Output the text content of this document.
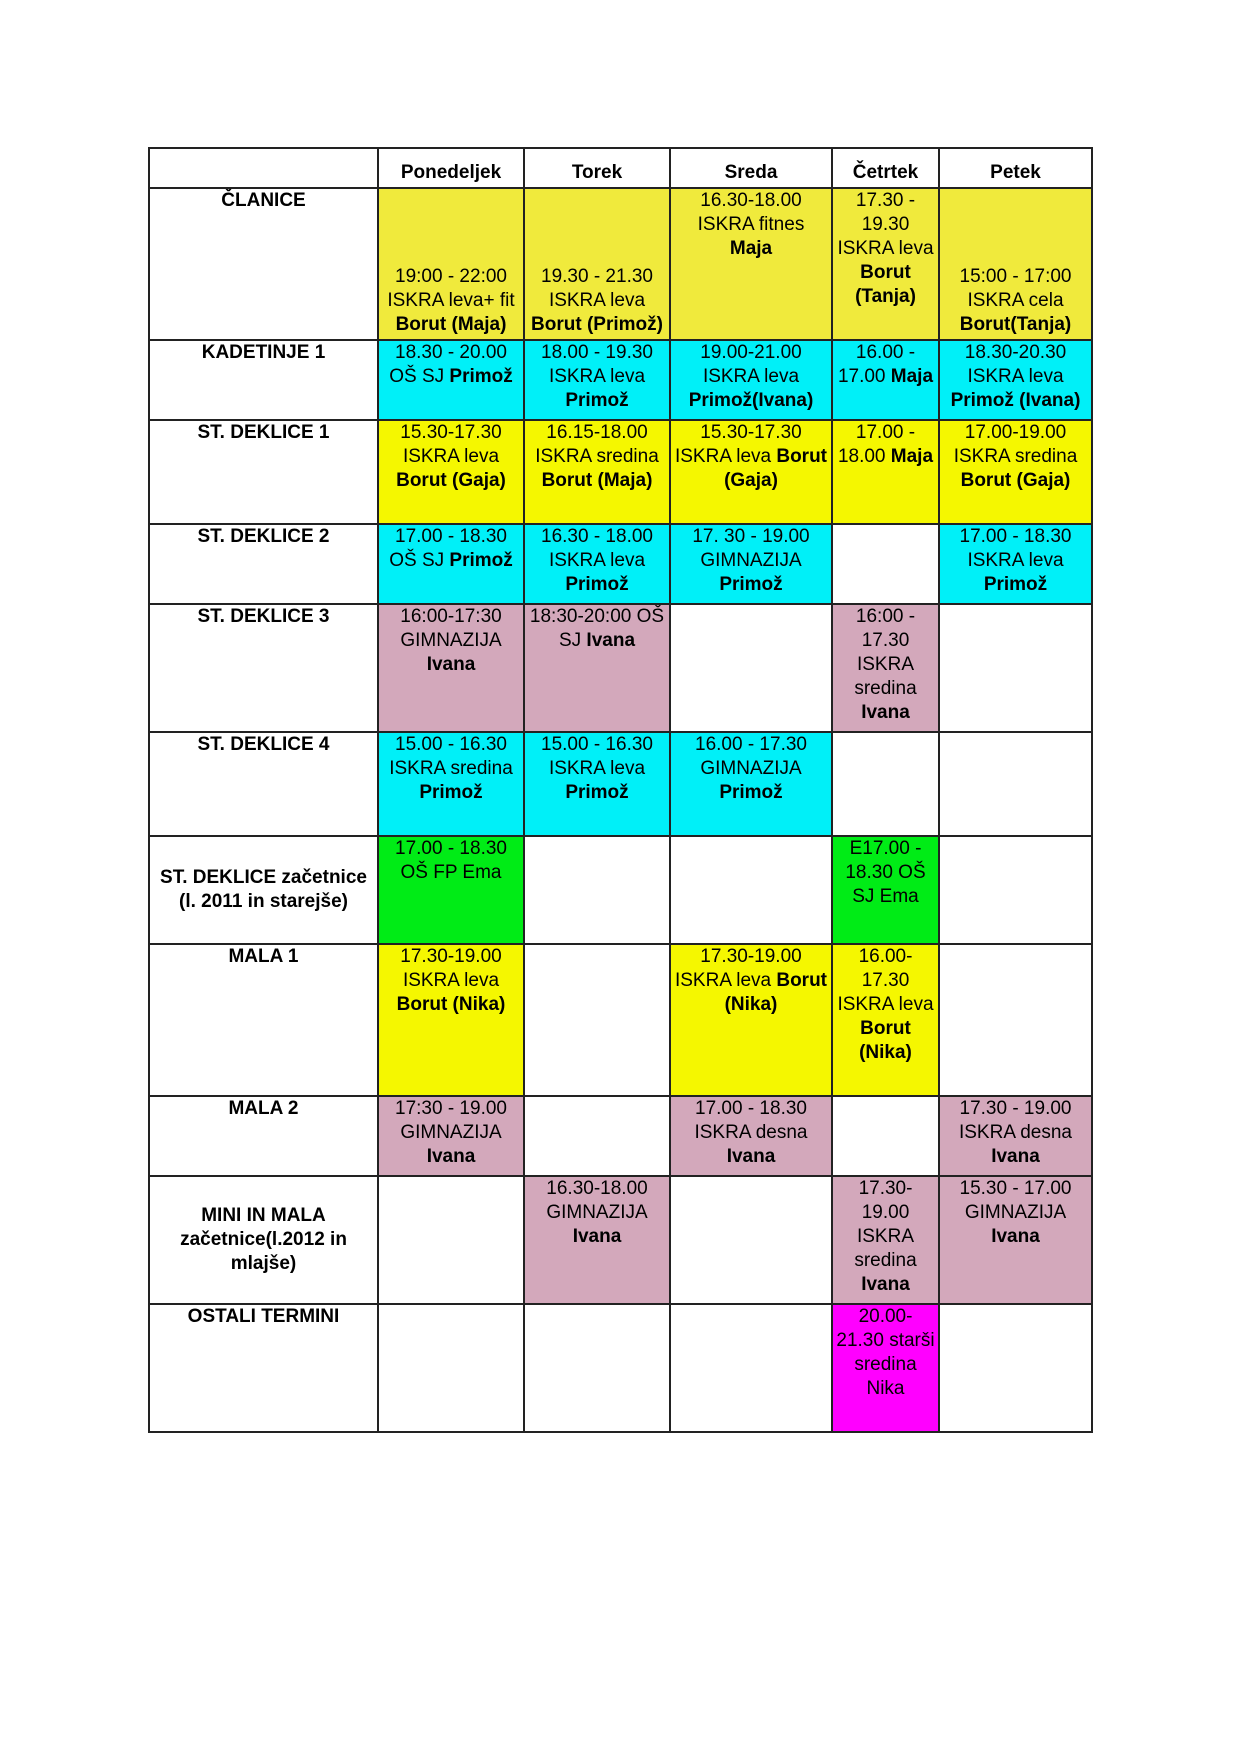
	Ponedeljek	Torek	Sreda	Četrtek	Petek
ČLANICE	19:00 - 22:00 ISKRA leva+ fit Borut (Maja)	19.30 - 21.30 ISKRA leva Borut (Primož)	16.30-18.00 ISKRA fitnes Maja	17.30 - 19.30 ISKRA leva Borut (Tanja)	15:00 - 17:00 ISKRA cela Borut(Tanja)
KADETINJE 1	18.30 - 20.00 OŠ SJ Primož	18.00 - 19.30 ISKRA leva Primož	19.00-21.00 ISKRA leva Primož(Ivana)	16.00 - 17.00 Maja	18.30-20.30 ISKRA leva Primož (Ivana)
ST. DEKLICE 1	15.30-17.30 ISKRA leva Borut (Gaja)	16.15-18.00 ISKRA sredina Borut (Maja)	15.30-17.30 ISKRA leva Borut (Gaja)	17.00 - 18.00 Maja	17.00-19.00 ISKRA sredina Borut (Gaja)
ST. DEKLICE 2	17.00 - 18.30 OŠ SJ Primož	16.30 - 18.00 ISKRA leva Primož	17. 30 - 19.00 GIMNAZIJA Primož		17.00 - 18.30 ISKRA leva Primož
ST. DEKLICE 3	16:00-17:30 GIMNAZIJA Ivana	18:30-20:00 OŠ SJ Ivana		16:00 - 17.30 ISKRA sredina Ivana	
ST. DEKLICE 4	15.00 - 16.30 ISKRA sredina Primož	15.00 - 16.30 ISKRA leva Primož	16.00 - 17.30 GIMNAZIJA Primož		
ST. DEKLICE začetnice (l. 2011 in starejše)	17.00 - 18.30 OŠ FP Ema			E17.00 - 18.30 OŠ SJ Ema	
MALA 1	17.30-19.00 ISKRA leva Borut (Nika)		17.30-19.00 ISKRA leva Borut (Nika)	16.00- 17.30 ISKRA leva Borut (Nika)	
MALA 2	17:30 - 19.00 GIMNAZIJA Ivana		17.00 - 18.30 ISKRA desna Ivana		17.30 - 19.00 ISKRA desna Ivana
MINI IN MALA začetnice(l.2012 in mlajše)		16.30-18.00 GIMNAZIJA Ivana		17.30- 19.00 ISKRA sredina Ivana	15.30 - 17.00 GIMNAZIJA Ivana
OSTALI TERMINI				20.00- 21.30 starši sredina Nika	
